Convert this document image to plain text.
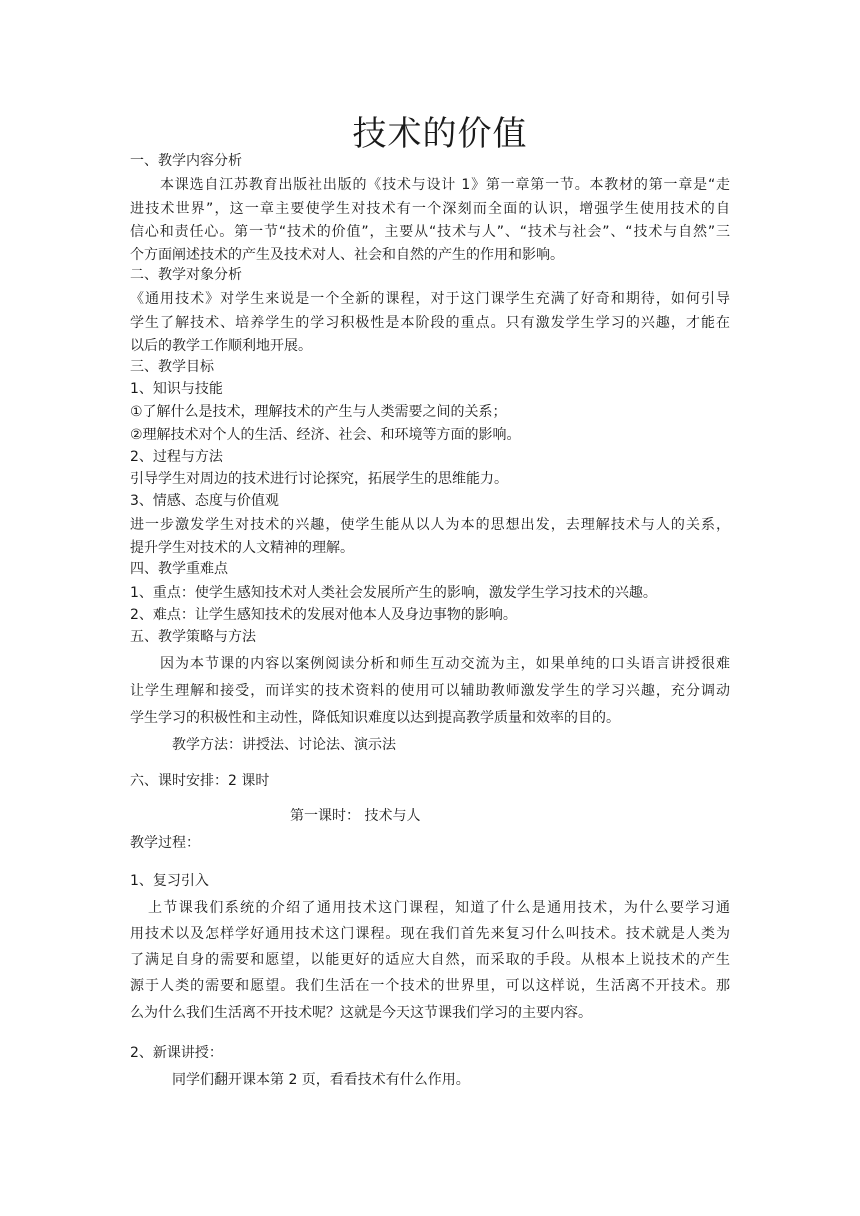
技术的价值
一、教学内容分析
本课选自江苏教育出版社出版的《技术与设计 1》第一章第一节。本教材的第一章是“走
进技术世界”，这一章主要使学生对技术有一个深刻而全面的认识，增强学生使用技术的自
信心和责任心。第一节“技术的价值”，主要从“技术与人”、“技术与社会”、“技术与自然”三
个方面阐述技术的产生及技术对人、社会和自然的产生的作用和影响。
二、教学对象分析
《通用技术》对学生来说是一个全新的课程，对于这门课学生充满了好奇和期待，如何引导
学生了解技术、培养学生的学习积极性是本阶段的重点。只有激发学生学习的兴趣，才能在
以后的教学工作顺利地开展。
三、教学目标
1、知识与技能
①了解什么是技术，理解技术的产生与人类需要之间的关系；
②理解技术对个人的生活、经济、社会、和环境等方面的影响。
2、过程与方法
引导学生对周边的技术进行讨论探究，拓展学生的思维能力。
3、情感、态度与价值观
进一步激发学生对技术的兴趣，使学生能从以人为本的思想出发，去理解技术与人的关系，
提升学生对技术的人文精神的理解。
四、教学重难点
1、重点：使学生感知技术对人类社会发展所产生的影响，激发学生学习技术的兴趣。
2、难点：让学生感知技术的发展对他本人及身边事物的影响。
五、教学策略与方法
因为本节课的内容以案例阅读分析和师生互动交流为主，如果单纯的口头语言讲授很难
让学生理解和接受，而详实的技术资料的使用可以辅助教师激发学生的学习兴趣，充分调动
学生学习的积极性和主动性，降低知识难度以达到提高教学质量和效率的目的。
教学方法：讲授法、讨论法、演示法
六、课时安排：2 课时
第一课时： 技术与人
教学过程：
1、复习引入
上节课我们系统的介绍了通用技术这门课程，知道了什么是通用技术，为什么要学习通
用技术以及怎样学好通用技术这门课程。现在我们首先来复习什么叫技术。技术就是人类为
了满足自身的需要和愿望，以能更好的适应大自然，而采取的手段。从根本上说技术的产生
源于人类的需要和愿望。我们生活在一个技术的世界里，可以这样说，生活离不开技术。那
么为什么我们生活离不开技术呢？这就是今天这节课我们学习的主要内容。
2、新课讲授：
同学们翻开课本第 2 页，看看技术有什么作用。
